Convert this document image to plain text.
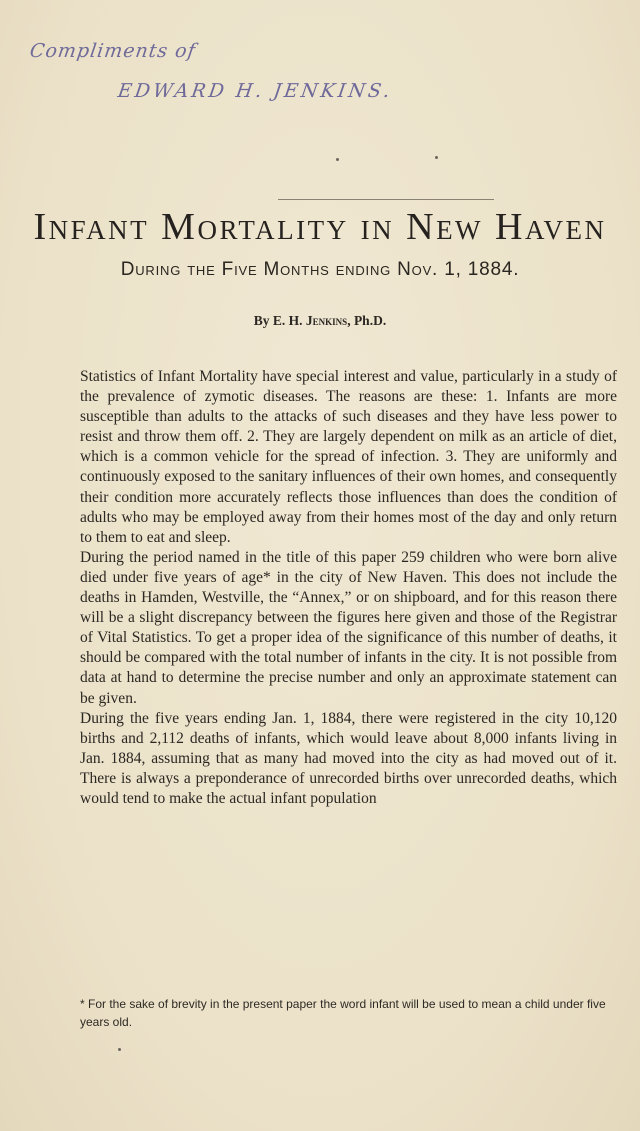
Compliments of
EDWARD H. JENKINS.
Infant Mortality in New Haven
During the Five Months ending Nov. 1, 1884.
By E. H. Jenkins, Ph.D.

Statistics of Infant Mortality have special interest and value, particularly in a study of the prevalence of zymotic diseases. The reasons are these: 1. Infants are more susceptible than adults to the attacks of such diseases and they have less power to resist and throw them off. 2. They are largely dependent on milk as an article of diet, which is a common vehicle for the spread of infection. 3. They are uniformly and continuously exposed to the sanitary influences of their own homes, and consequently their condition more accurately reflects those influences than does the condition of adults who may be employed away from their homes most of the day and only return to them to eat and sleep.

During the period named in the title of this paper 259 children who were born alive died under five years of age* in the city of New Haven. This does not include the deaths in Hamden, Westville, the “Annex,” or on shipboard, and for this reason there will be a slight discrepancy between the figures here given and those of the Registrar of Vital Statistics. To get a proper idea of the significance of this number of deaths, it should be compared with the total number of infants in the city. It is not possible from data at hand to determine the precise number and only an approximate statement can be given.

During the five years ending Jan. 1, 1884, there were registered in the city 10,120 births and 2,112 deaths of infants, which would leave about 8,000 infants living in Jan. 1884, assuming that as many had moved into the city as had moved out of it. There is always a preponderance of unrecorded births over unrecorded deaths, which would tend to make the actual infant population

* For the sake of brevity in the present paper the word infant will be used to mean a child under five years old.
